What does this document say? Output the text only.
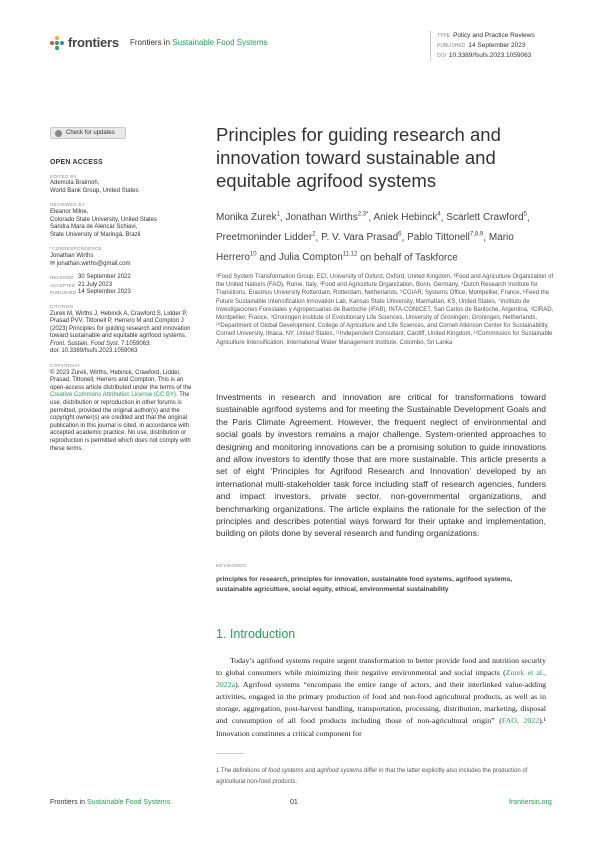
frontiers Frontiers in Sustainable Food Systems
TYPE Policy and Practice Reviews
PUBLISHED 14 September 2023
DOI 10.3389/fsufs.2023.1059063
Check for updates
OPEN ACCESS
EDITED BY
Ademola Braimoh,
World Bank Group, United States
REVIEWED BY
Eleanor Milne,
Colorado State University, United States
Sandra Mara de Alencar Schiavi,
State University of Maringá, Brazil
*CORRESPONDENCE
Jonathan Wirths
✉ jonathan.wirths@gmail.com
RECEIVED 30 September 2022
ACCEPTED 21 July 2023
PUBLISHED 14 September 2023
CITATION
Zurek M, Wirths J, Hebinck A, Crawford S, Lidder P, Prasad PVV, Tittonell P, Herrero M and Compton J (2023) Principles for guiding research and innovation toward sustainable and equitable agrifood systems. Front. Sustain. Food Syst. 7:1059063.
doi: 10.3389/fsufs.2023.1059063
COPYRIGHT
© 2023 Zurek, Wirths, Hebinck, Crawford, Lidder, Prasad, Tittonell, Herrero and Compton. This is an open-access article distributed under the terms of the Creative Commons Attribution License (CC BY). The use, distribution or reproduction in other forums is permitted, provided the original author(s) and the copyright owner(s) are credited and that the original publication in this journal is cited, in accordance with accepted academic practice. No use, distribution or reproduction is permitted which does not comply with these terms.
Principles for guiding research and innovation toward sustainable and equitable agrifood systems
Monika Zurek$^1$, Jonathan Wirths$^{2,3*}$, Aniek Hebinck$^4$, Scarlett Crawford$^5$, Preetmoninder Lidder$^2$, P. V. Vara Prasad$^6$, Pablo Tittonell$^{7,8,9}$, Mario Herrero$^{10}$ and Julia Compton$^{11,12}$ on behalf of Taskforce
¹Food System Transformation Group, ECI, University of Oxford, Oxford, United Kingdom, ²Food and Agriculture Organization of the United Nations (FAO), Rome, Italy, ³Food and Agriculture Organization, Bonn, Germany, ⁴Dutch Research Institute for Transitions, Erasmus University Rotterdam, Rotterdam, Netherlands, ⁵CGIAR, Systems Office, Montpellier, France, ⁶Feed the Future Sustainable Intensification Innovation Lab, Kansas State University, Manhattan, KS, United States, ⁷Instituto de Investigaciones Forestales y Agropecuarias de Bariloche (IFAB), INTA-CONICET, San Carlos de Bariloche, Argentina, ⁸CIRAD, Montpellier, France, ⁹Groningen Institute of Evolutionary Life Sciences, University of Groningen, Groningen, Netherlands, ¹⁰Department of Global Development, College of Agriculture and Life Sciences, and Cornell Atkinson Center for Sustainability, Cornell University, Ithaca, NY, United States, ¹¹Independent Consultant, Cardiff, United Kingdom, ¹²Commission for Sustainable Agriculture Intensification, International Water Management Institute, Colombo, Sri Lanka
Investments in research and innovation are critical for transformations toward sustainable agrifood systems and for meeting the Sustainable Development Goals and the Paris Climate Agreement. However, the frequent neglect of environmental and social goals by investors remains a major challenge. System-oriented approaches to designing and monitoring innovations can be a promising solution to guide innovations and allow investors to identify those that are more sustainable. This article presents a set of eight ‘Principles for Agrifood Research and Innovation’ developed by an international multi-stakeholder task force including staff of research agencies, funders and impact investors, private sector, non-governmental organizations, and benchmarking organizations. The article explains the rationale for the selection of the principles and describes potential ways forward for their uptake and implementation, building on pilots done by several research and funding organizations.
KEYWORDS
principles for research, principles for innovation, sustainable food systems, agrifood systems, sustainable agriculture, social equity, ethical, environmental sustainability
1. Introduction
Today’s agrifood systems require urgent transformation to better provide food and nutrition security to global consumers while minimizing their negative environmental and social impacts (Zurek et al., 2022a). Agrifood systems “encompass the entire range of actors, and their interlinked value-adding activities, engaged in the primary production of food and non-food agricultural products, as well as in storage, aggregation, post-harvest handling, transportation, processing, distribution, marketing, disposal and consumption of all food products including those of non-agricultural origin” (FAO, 2022).¹ Innovation constitutes a critical component for
1 The definitions of food systems and agrifood systems differ in that the latter explicitly also includes the production of agricultural non-food products.
Frontiers in Sustainable Food Systems	01	frontiersin.org
